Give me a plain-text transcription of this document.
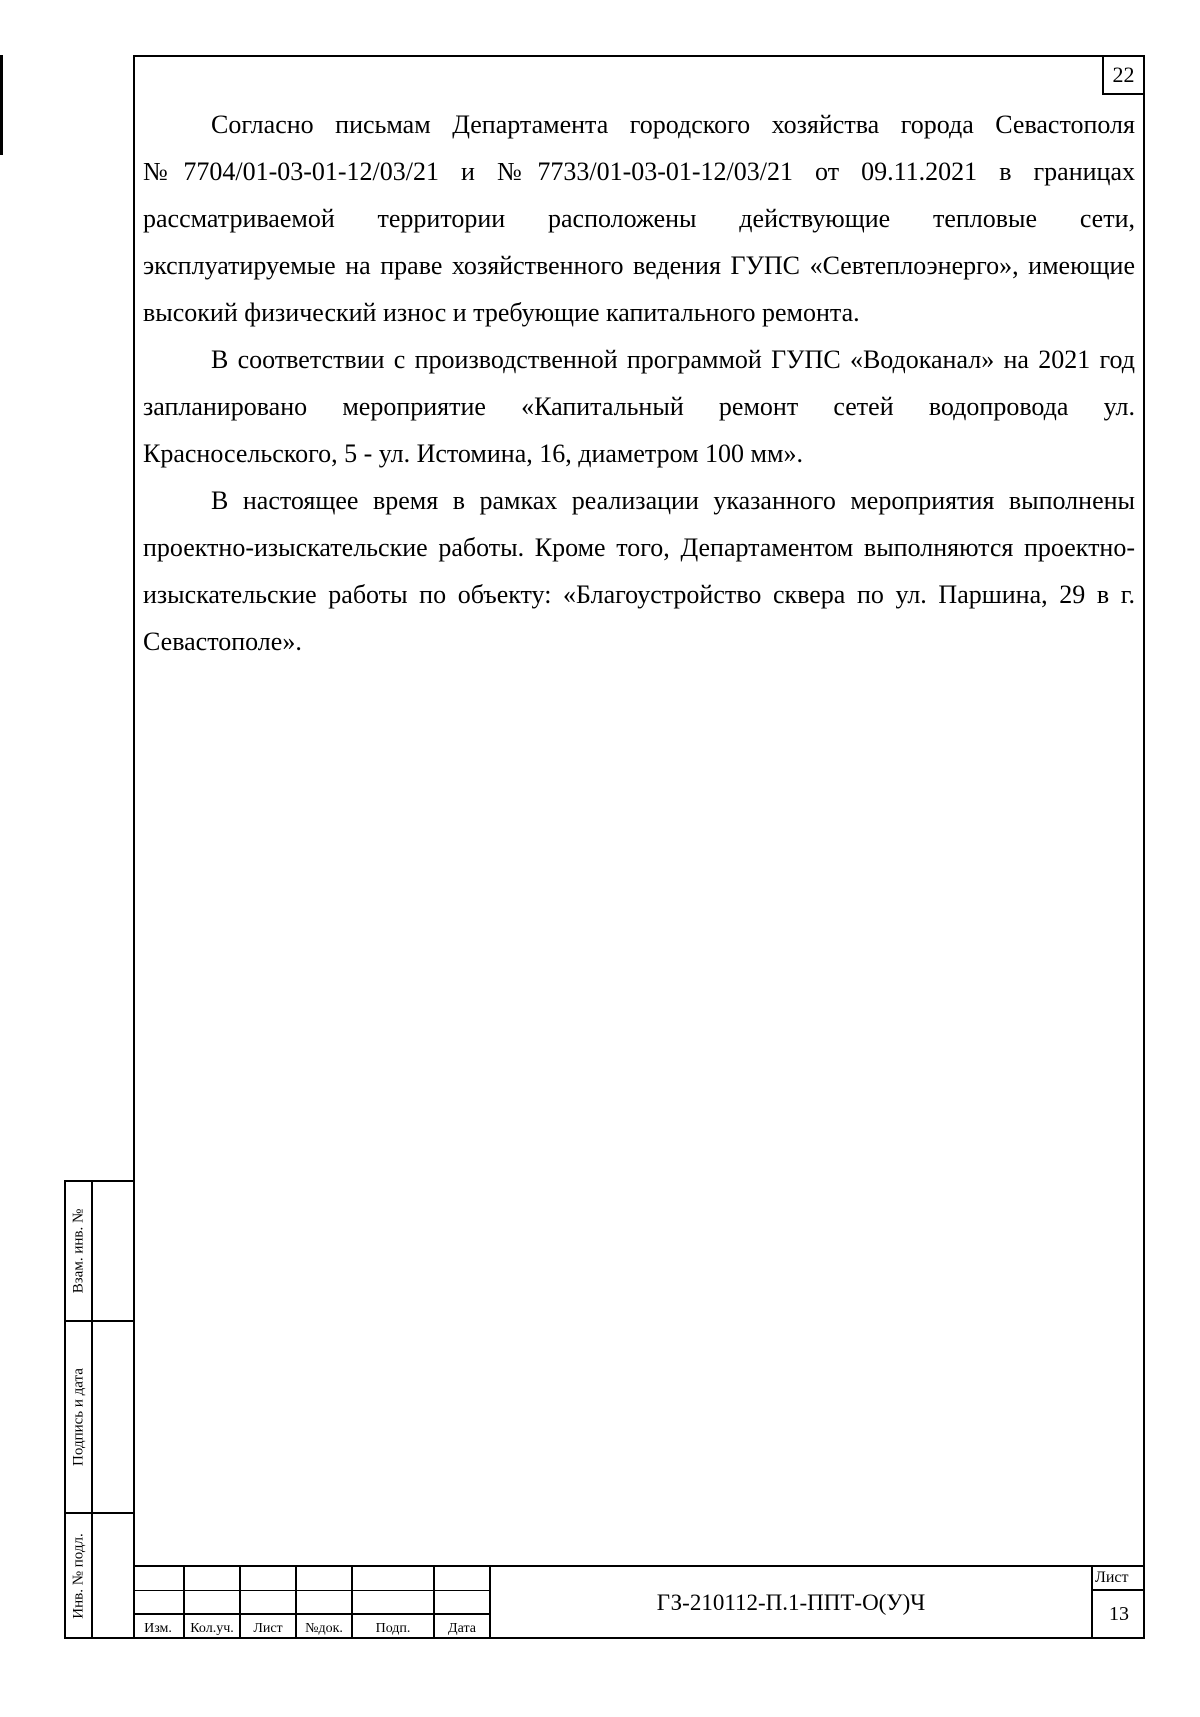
22

Согласно письмам Департамента городского хозяйства города Севастополя №7704/01-03-01-12/03/21 и №7733/01-03-01-12/03/21 от 09.11.2021 в границах рассматриваемой территории расположены действующие тепловые сети, эксплуатируемые на праве хозяйственного ведения ГУПС «Севтеплоэнерго», имеющие высокий физический износ и требующие капитального ремонта.

В соответствии с производственной программой ГУПС «Водоканал» на 2021 год запланировано мероприятие «Капитальный ремонт сетей водопровода ул. Красносельского, 5 - ул. Истомина, 16, диаметром 100 мм».

В настоящее время в рамках реализации указанного мероприятия выполнены проектно-изыскательские работы. Кроме того, Департаментом выполняются проектно-изыскательские работы по объекту: «Благоустройство сквера по ул. Паршина, 29 в г. Севастополе».

Взам. инв. №
Подпись и дата
Инв. № подл.
Изм.	Кол.уч.	Лист	№док.	Подп.	Дата
ГЗ-210112-П.1-ППТ-О(У)Ч
Лист
13
